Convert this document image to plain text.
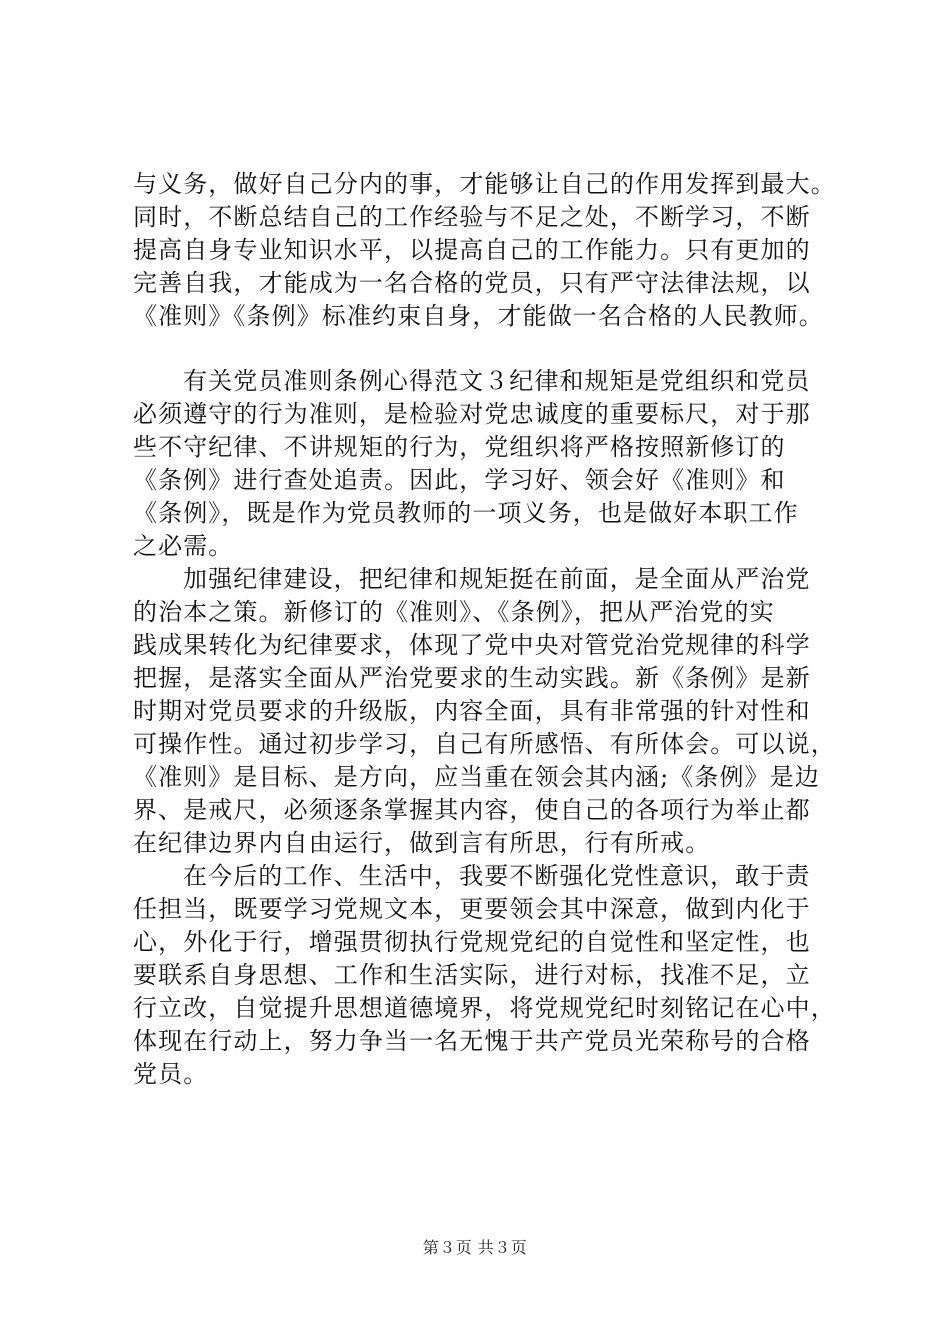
与义务，做好自己分内的事，才能够让自己的作用发挥到最大。
同时，不断总结自己的工作经验与不足之处，不断学习，不断
提高自身专业知识水平，以提高自己的工作能力。只有更加的
完善自我，才能成为一名合格的党员，只有严守法律法规，以
《准则》《条例》标准约束自身，才能做一名合格的人民教师。
有关党员准则条例心得范文３纪律和规矩是党组织和党员
必须遵守的行为准则，是检验对党忠诚度的重要标尺，对于那
些不守纪律、不讲规矩的行为，党组织将严格按照新修订的
《条例》进行查处追责。因此，学习好、领会好《准则》和
《条例》，既是作为党员教师的一项义务，也是做好本职工作
之必需。
加强纪律建设，把纪律和规矩挺在前面，是全面从严治党
的治本之策。新修订的《准则》、《条例》，把从严治党的实
践成果转化为纪律要求，体现了党中央对管党治党规律的科学
把握，是落实全面从严治党要求的生动实践。新《条例》是新
时期对党员要求的升级版，内容全面，具有非常强的针对性和
可操作性。通过初步学习，自己有所感悟、有所体会。可以说，
《准则》是目标、是方向，应当重在领会其内涵;《条例》是边
界、是戒尺，必须逐条掌握其内容，使自己的各项行为举止都
在纪律边界内自由运行，做到言有所思，行有所戒。
在今后的工作、生活中，我要不断强化党性意识，敢于责
任担当，既要学习党规文本，更要领会其中深意，做到内化于
心，外化于行，增强贯彻执行党规党纪的自觉性和坚定性，也
要联系自身思想、工作和生活实际，进行对标，找准不足，立
行立改，自觉提升思想道德境界，将党规党纪时刻铭记在心中，
体现在行动上，努力争当一名无愧于共产党员光荣称号的合格
党员。
第３页 共３页
